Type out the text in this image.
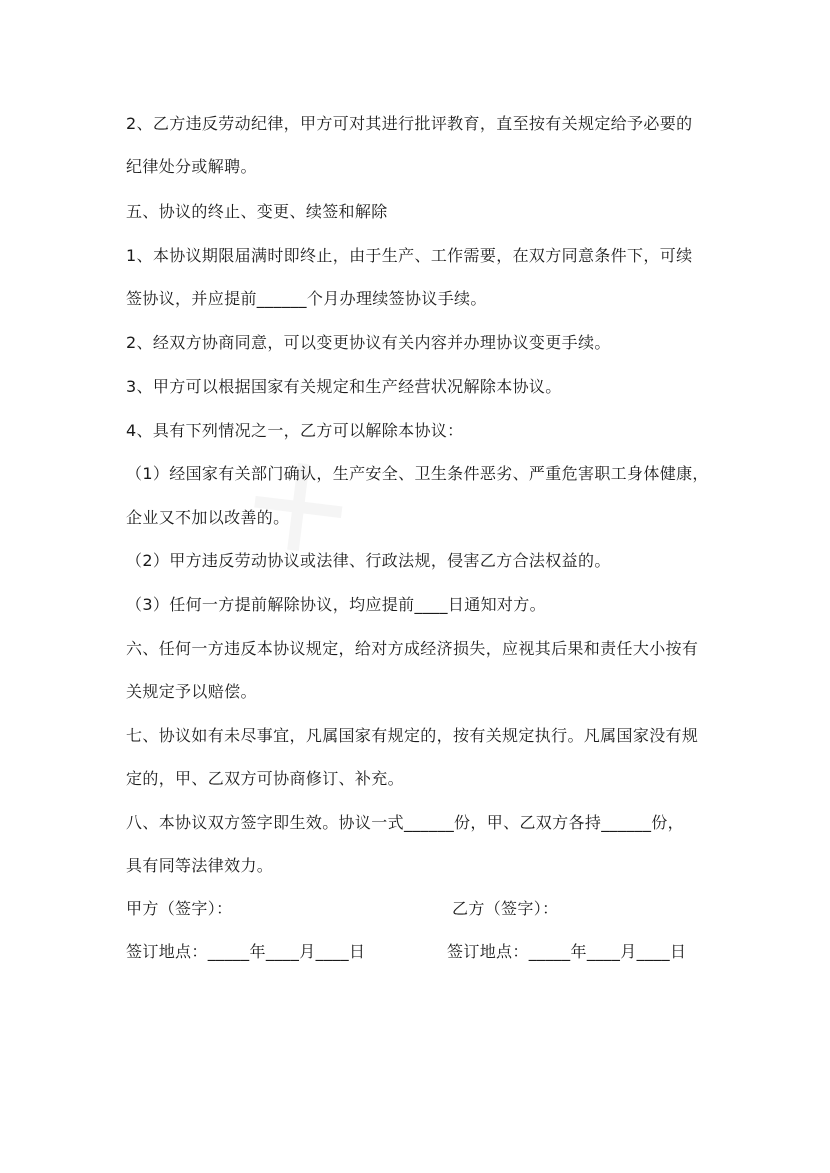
2、乙方违反劳动纪律，甲方可对其进行批评教育，直至按有关规定给予必要的
纪律处分或解聘。
五、协议的终止、变更、续签和解除
1、本协议期限届满时即终止，由于生产、工作需要，在双方同意条件下，可续
签协议，并应提前______个月办理续签协议手续。
2、经双方协商同意，可以变更协议有关内容并办理协议变更手续。
3、甲方可以根据国家有关规定和生产经营状况解除本协议。
4、具有下列情况之一，乙方可以解除本协议：
（1）经国家有关部门确认，生产安全、卫生条件恶劣、严重危害职工身体健康，
企业又不加以改善的。
（2）甲方违反劳动协议或法律、行政法规，侵害乙方合法权益的。
（3）任何一方提前解除协议，均应提前____日通知对方。
六、任何一方违反本协议规定，给对方成经济损失，应视其后果和责任大小按有
关规定予以赔偿。
七、协议如有未尽事宜，凡属国家有规定的，按有关规定执行。凡属国家没有规
定的，甲、乙双方可协商修订、补充。
八、本协议双方签字即生效。协议一式______份，甲、乙双方各持______份，
具有同等法律效力。
甲方（签字）：	乙方（签字）：
签订地点：_____年____月____日	签订地点：_____年____月____日
